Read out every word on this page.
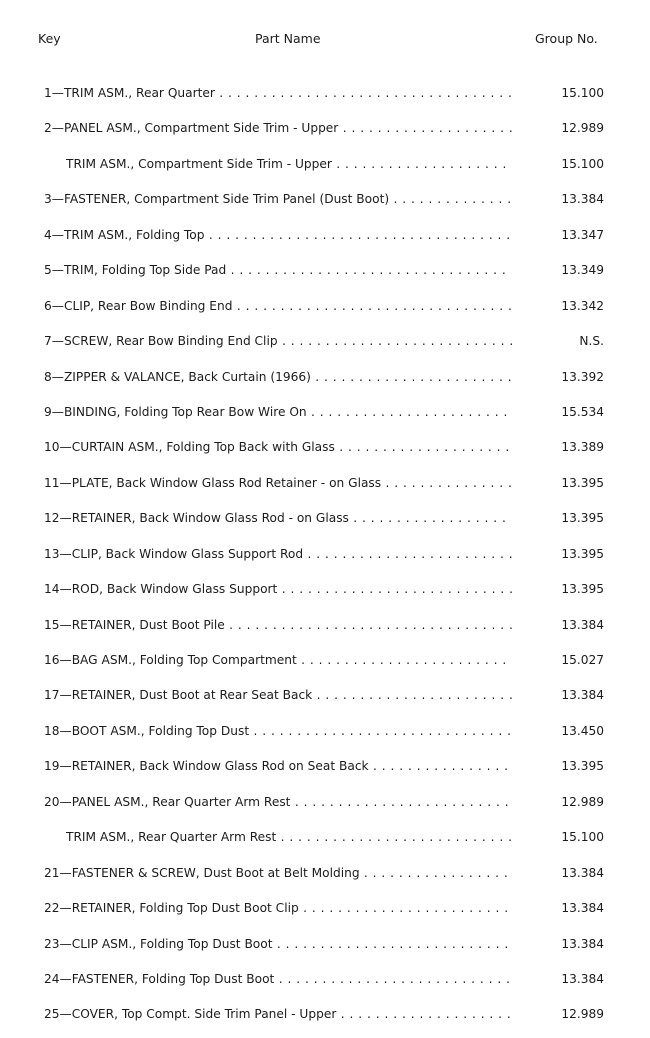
Key	Part Name	Group No.
1—TRIM ASM., Rear Quarter . . .	15.100
2—PANEL ASM., Compartment Side Trim - Upper . . .	12.989
TRIM ASM., Compartment Side Trim - Upper . . .	15.100
3—FASTENER, Compartment Side Trim Panel (Dust Boot) . . .	13.384
4—TRIM ASM., Folding Top . . .	13.347
5—TRIM, Folding Top Side Pad . . .	13.349
6—CLIP, Rear Bow Binding End . . .	13.342
7—SCREW, Rear Bow Binding End Clip . . .	N.S.
8—ZIPPER & VALANCE, Back Curtain (1966) . . .	13.392
9—BINDING, Folding Top Rear Bow Wire On . . .	15.534
10—CURTAIN ASM., Folding Top Back with Glass . . .	13.389
11—PLATE, Back Window Glass Rod Retainer - on Glass . . .	13.395
12—RETAINER, Back Window Glass Rod - on Glass . . .	13.395
13—CLIP, Back Window Glass Support Rod . . .	13.395
14—ROD, Back Window Glass Support . . .	13.395
15—RETAINER, Dust Boot Pile . . .	13.384
16—BAG ASM., Folding Top Compartment . . .	15.027
17—RETAINER, Dust Boot at Rear Seat Back . . .	13.384
18—BOOT ASM., Folding Top Dust . . .	13.450
19—RETAINER, Back Window Glass Rod on Seat Back . . .	13.395
20—PANEL ASM., Rear Quarter Arm Rest . . .	12.989
TRIM ASM., Rear Quarter Arm Rest . . .	15.100
21—FASTENER & SCREW, Dust Boot at Belt Molding . . .	13.384
22—RETAINER, Folding Top Dust Boot Clip . . .	13.384
23—CLIP ASM., Folding Top Dust Boot . . .	13.384
24—FASTENER, Folding Top Dust Boot . . .	13.384
25—COVER, Top Compt. Side Trim Panel - Upper . . .	12.989
